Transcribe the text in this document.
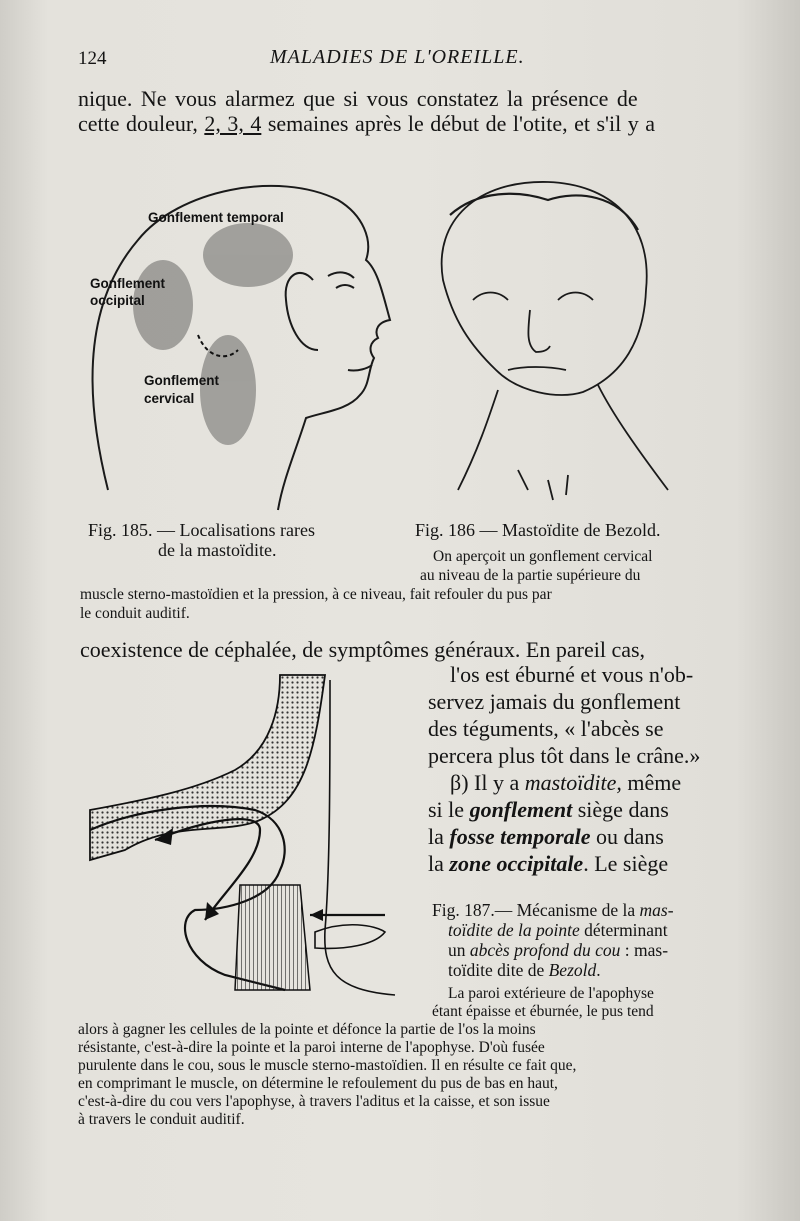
124	MALADIES DE L'OREILLE.

nique. Ne vous alarmez que si vous constatez la présence de

cette douleur, 2, 3, 4 semaines après le début de l'otite, et s'il y a

Gonflement temporal
Gonflement
occipital
Gonflement
cervical

Fig. 185. — Localisations rares

de la mastoïdite.

Fig. 186 — Mastoïdite de Bezold.

On aperçoit un gonflement cervical

au niveau de la partie supérieure du

muscle sterno-mastoïdien et la pression, à ce niveau, fait refouler du pus par

le conduit auditif.

coexistence de céphalée, de symptômes généraux. En pareil cas,

l'os est éburné et vous n'ob-

servez jamais du gonflement

des téguments, « l'abcès se

percera plus tôt dans le crâne.»

β) Il y a mastoïdite, même

si le gonflement siège dans

la fosse temporale ou dans

la zone occipitale. Le siège

Fig. 187.— Mécanisme de la mas-

toïdite de la pointe déterminant

un abcès profond du cou : mas-

toïdite dite de Bezold.

La paroi extérieure de l'apophyse

étant épaisse et éburnée, le pus tend

alors à gagner les cellules de la pointe et défonce la partie de l'os la moins

résistante, c'est-à-dire la pointe et la paroi interne de l'apophyse. D'où fusée

purulente dans le cou, sous le muscle sterno-mastoïdien. Il en résulte ce fait que,

en comprimant le muscle, on détermine le refoulement du pus de bas en haut,

c'est-à-dire du cou vers l'apophyse, à travers l'aditus et la caisse, et son issue

à travers le conduit auditif.
